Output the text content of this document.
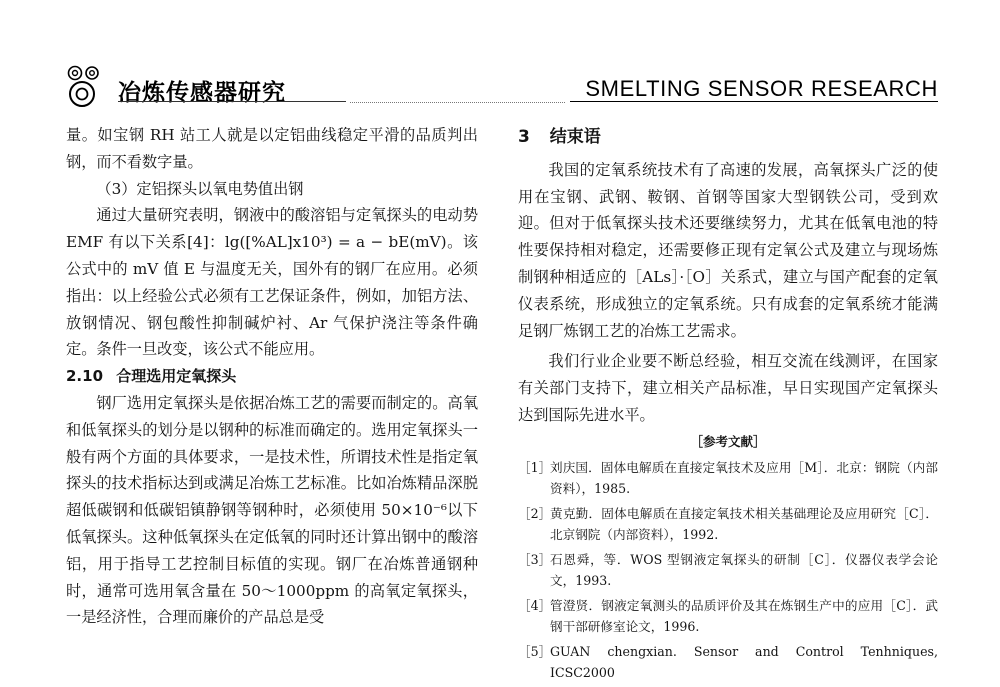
冶炼传感器研究	SMELTING SENSOR RESEARCH

量。如宝钢 RH 站工人就是以定铝曲线稳定平滑的品质判出钢，而不看数字量。

（3）定铝探头以氧电势值出钢

通过大量研究表明，钢液中的酸溶铝与定氧探头的电动势 EMF 有以下关系[4]：lg([%AL]x10³) = a − bE(mV)。该公式中的 mV 值 E 与温度无关，国外有的钢厂在应用。必须指出：以上经验公式必须有工艺保证条件，例如，加铝方法、放钢情况、钢包酸性抑制碱炉衬、Ar 气保护浇注等条件确定。条件一旦改变，该公式不能应用。

2.10 合理选用定氧探头

钢厂选用定氧探头是依据冶炼工艺的需要而制定的。高氧和低氧探头的划分是以钢种的标准而确定的。选用定氧探头一般有两个方面的具体要求，一是技术性，所谓技术性是指定氧探头的技术指标达到或满足冶炼工艺标准。比如冶炼精品深脱超低碳钢和低碳铝镇静钢等钢种时，必须使用 50×10⁻⁶以下低氧探头。这种低氧探头在定低氧的同时还计算出钢中的酸溶铝，用于指导工艺控制目标值的实现。钢厂在冶炼普通钢种时，通常可选用氧含量在 50～1000ppm 的高氧定氧探头，一是经济性，合理而廉价的产品总是受

3 结束语

我国的定氧系统技术有了高速的发展，高氧探头广泛的使用在宝钢、武钢、鞍钢、首钢等国家大型钢铁公司，受到欢迎。但对于低氧探头技术还要继续努力，尤其在低氧电池的特性要保持相对稳定，还需要修正现有定氧公式及建立与现场炼制钢种相适应的［ALs］·［O］关系式，建立与国产配套的定氧仪表系统，形成独立的定氧系统。只有成套的定氧系统才能满足钢厂炼钢工艺的冶炼工艺需求。

我们行业企业要不断总经验，相互交流在线测评，在国家有关部门支持下，建立相关产品标准，早日实现国产定氧探头达到国际先进水平。

［参考文献］
［1］
刘庆国．固体电解质在直接定氧技术及应用［M］．北京：钢院（内部资料），1985.
［2］
黄克勤．固体电解质在直接定氧技术相关基础理论及应用研究［C］．北京钢院（内部资料），1992.
［3］
石恩舜，等．WOS 型钢液定氧探头的研制［C］．仪器仪表学会论文，1993.
［4］
管澄贤．钢液定氧测头的品质评价及其在炼钢生产中的应用［C］．武钢干部研修室论文，1996.
［5］
GUAN chengxian. Sensor and Control Tenhniques, ICSC2000
